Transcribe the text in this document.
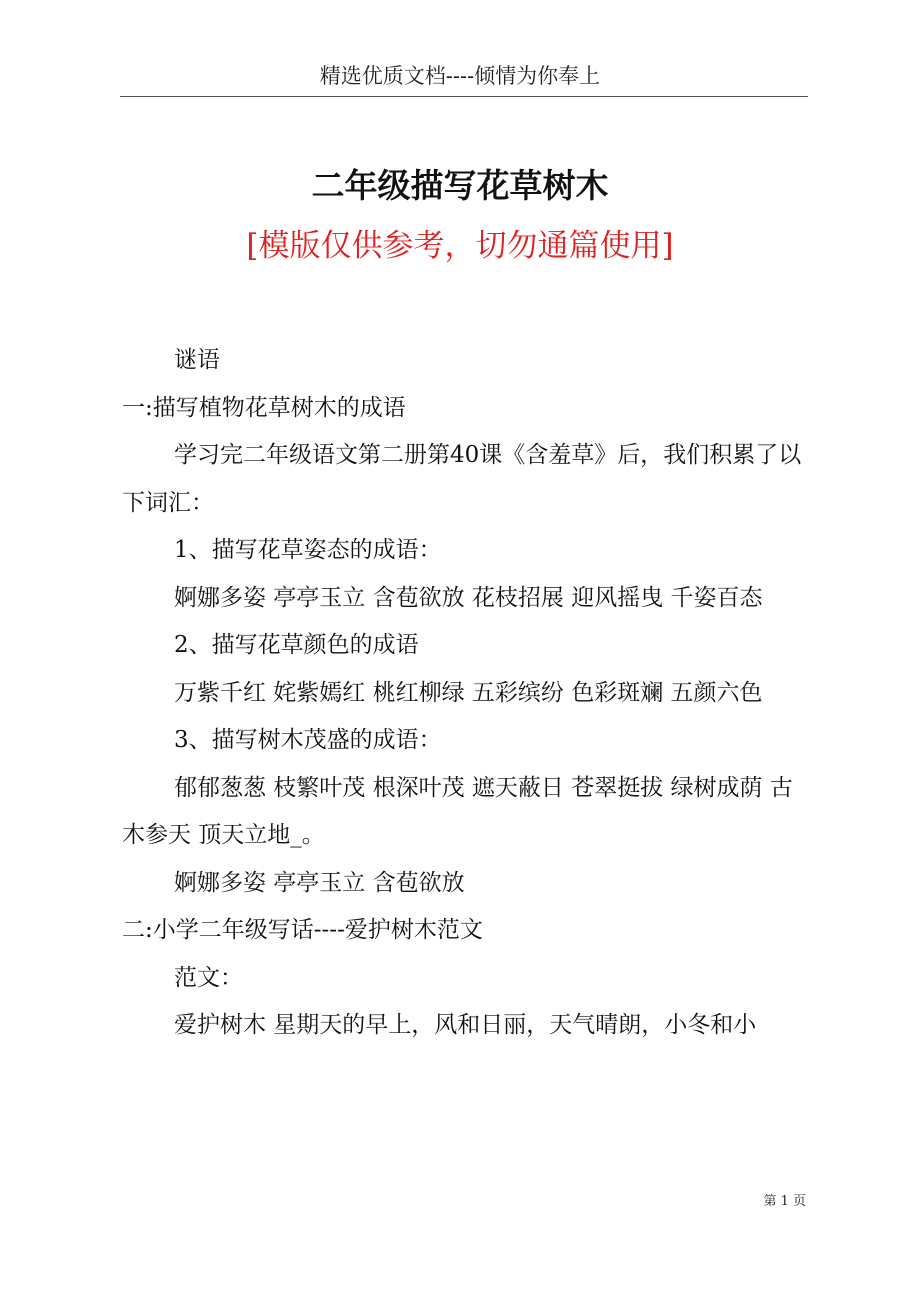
精选优质文档----倾情为你奉上
二年级描写花草树木
[模版仅供参考，切勿通篇使用]

谜语

一:描写植物花草树木的成语

学习完二年级语文第二册第40课《含羞草》后，我们积累了以下词汇：

1、描写花草姿态的成语：

婀娜多姿 亭亭玉立 含苞欲放 花枝招展 迎风摇曳 千姿百态

2、描写花草颜色的成语

万紫千红 姹紫嫣红 桃红柳绿 五彩缤纷 色彩斑斓 五颜六色

3、描写树木茂盛的成语：

郁郁葱葱 枝繁叶茂 根深叶茂 遮天蔽日 苍翠挺拔 绿树成荫 古木参天 顶天立地_。

婀娜多姿 亭亭玉立 含苞欲放

二:小学二年级写话----爱护树木范文

范文：

爱护树木 星期天的早上，风和日丽，天气晴朗，小冬和小

第 1 页
